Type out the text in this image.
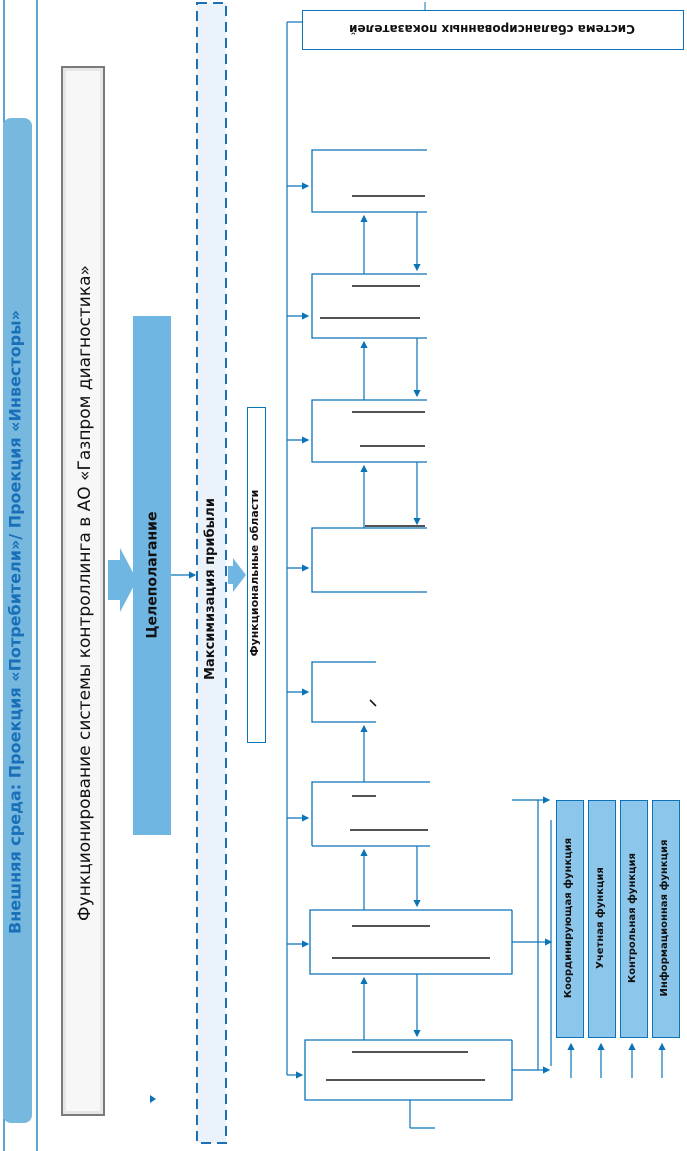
Внешняя среда: Проекция «Потребители»/ Проекция «Инвесторы»	Функционирование системы контроллинга в АО «Газпром диагностика»	Целеполагание	Максимизация прибыли	Функциональные области
Система сбалансированных показателей
Координирующая функция	Учетная функция	Контрольная функция	Информационная функция
